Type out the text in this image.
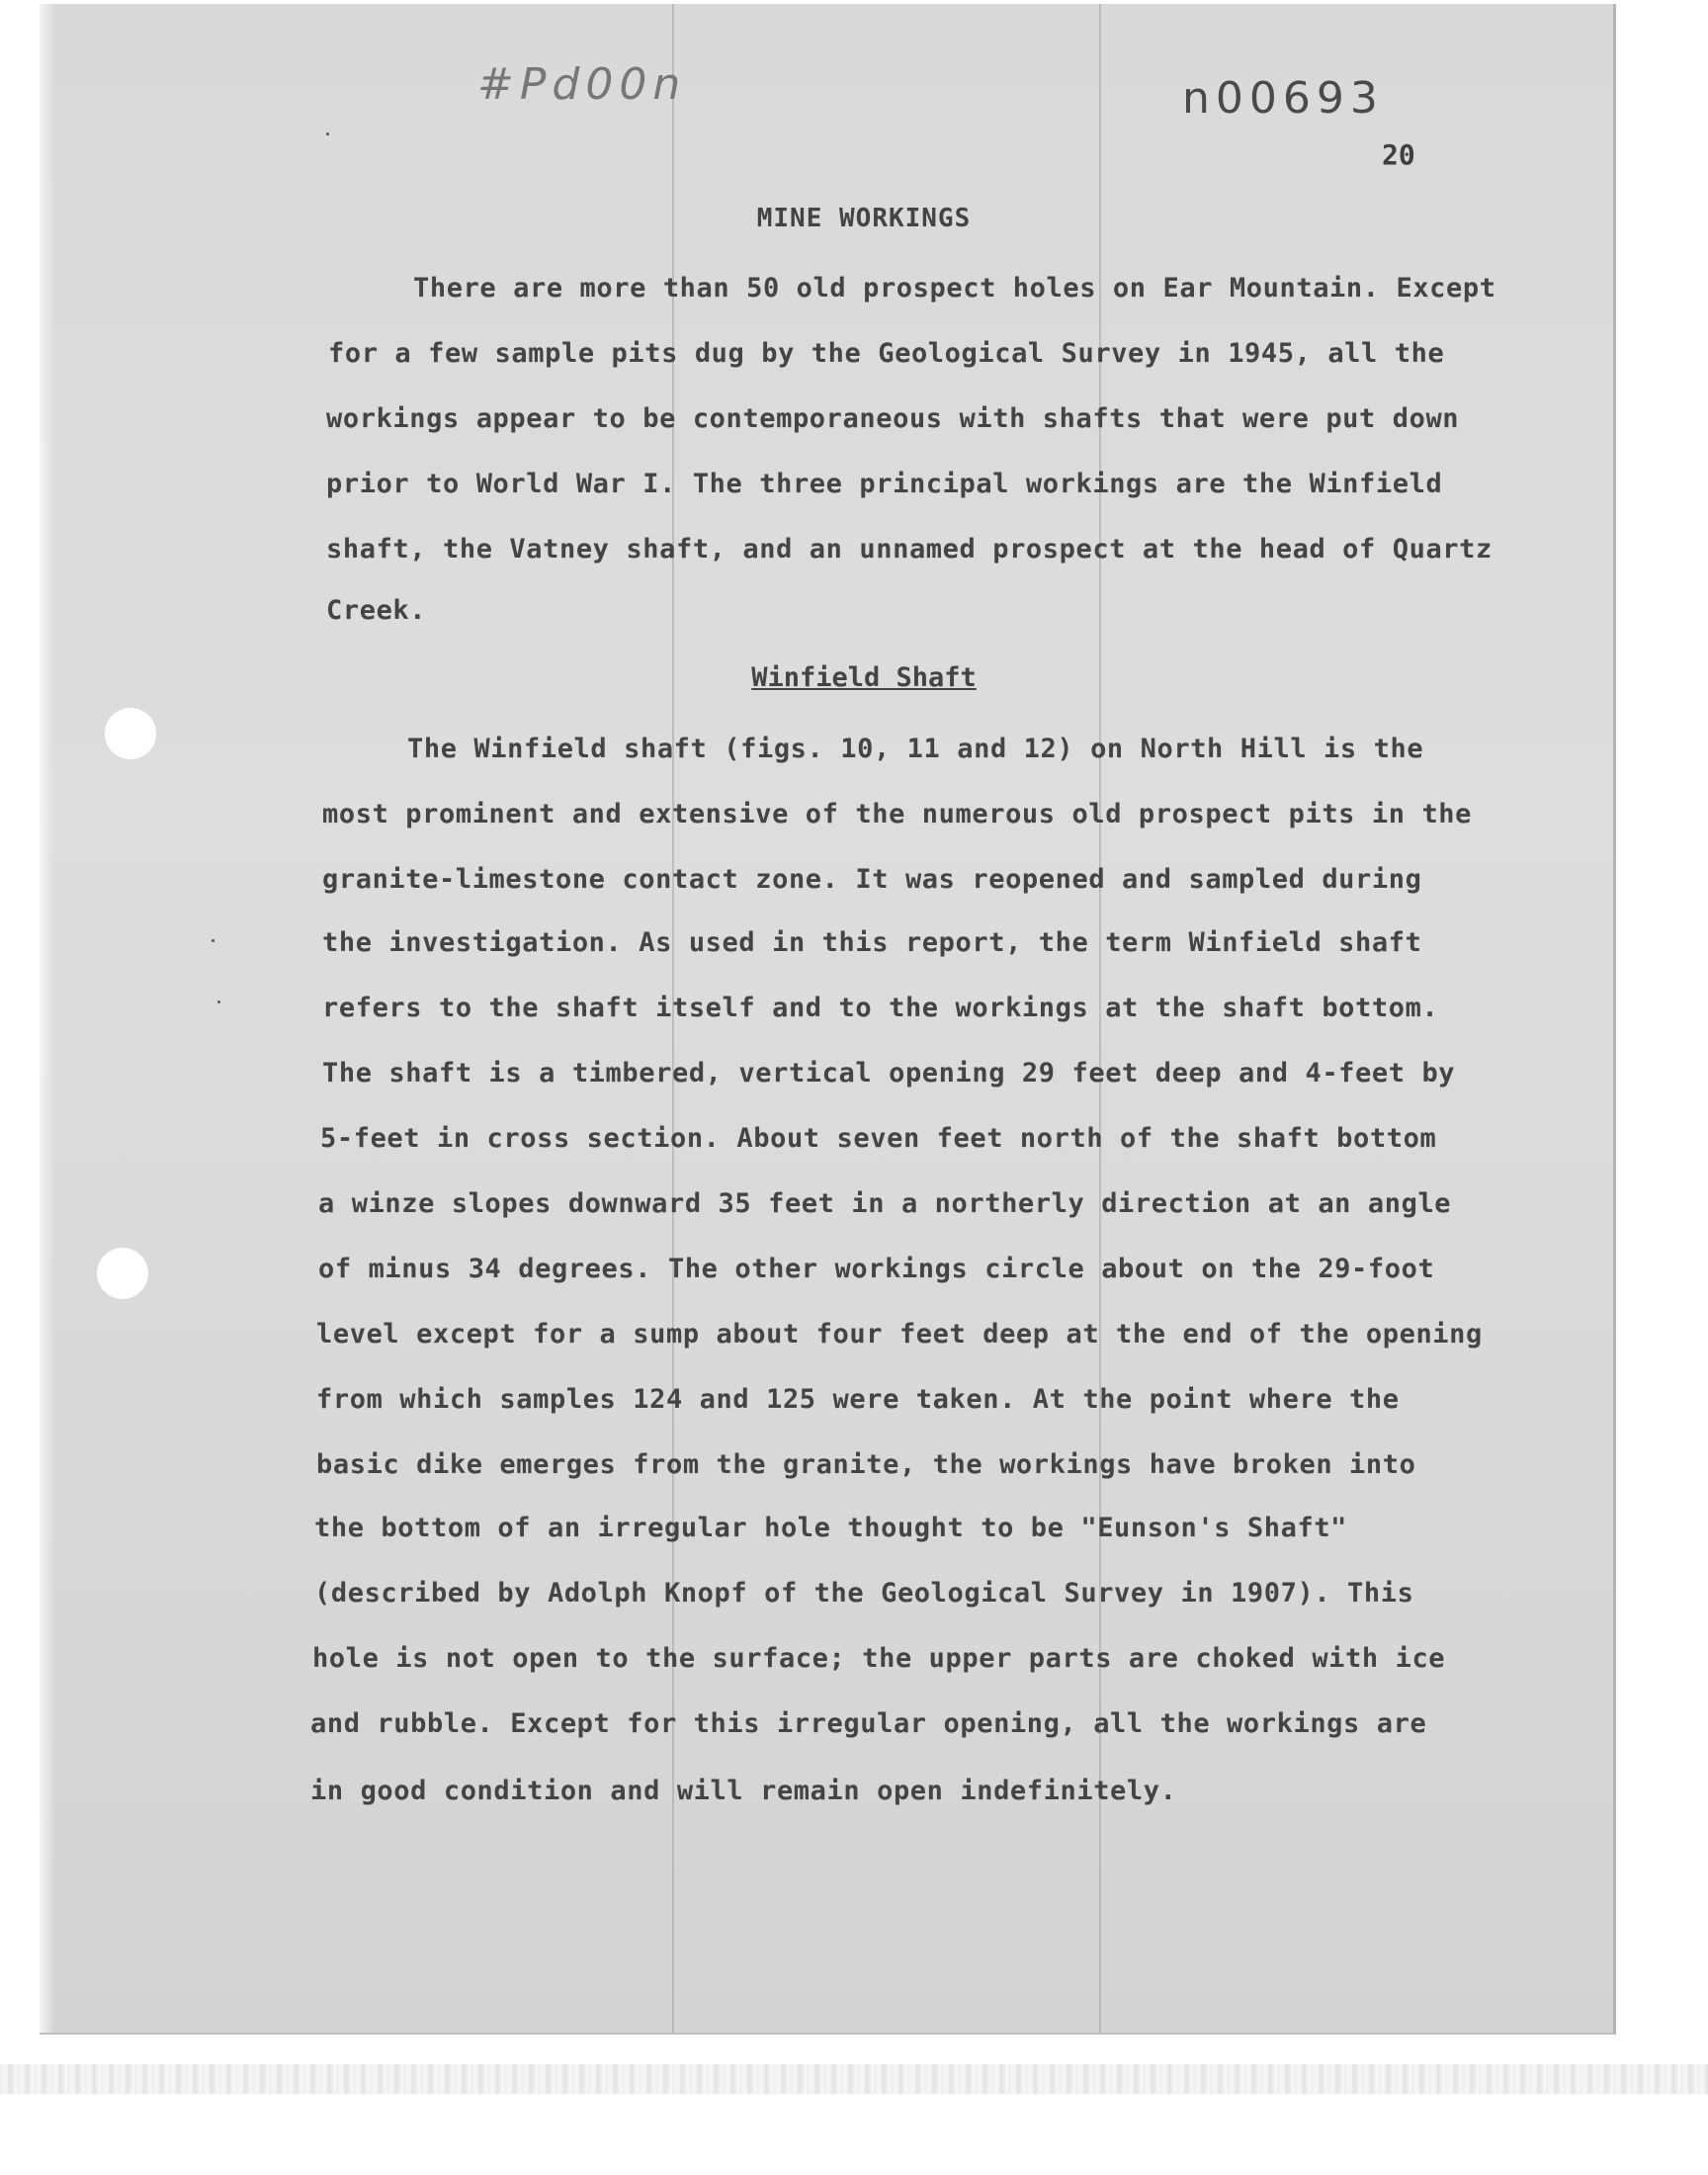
#Pd00n	n00693
20
MINE WORKINGS
There are more than 50 old prospect holes on Ear Mountain. Except
for a few sample pits dug by the Geological Survey in 1945, all the
workings appear to be contemporaneous with shafts that were put down
prior to World War I. The three principal workings are the Winfield
shaft, the Vatney shaft, and an unnamed prospect at the head of Quartz
Creek.
Winfield Shaft
The Winfield shaft (figs. 10, 11 and 12) on North Hill is the
most prominent and extensive of the numerous old prospect pits in the
granite-limestone contact zone. It was reopened and sampled during
the investigation. As used in this report, the term Winfield shaft
refers to the shaft itself and to the workings at the shaft bottom.
The shaft is a timbered, vertical opening 29 feet deep and 4-feet by
5-feet in cross section. About seven feet north of the shaft bottom
a winze slopes downward 35 feet in a northerly direction at an angle
of minus 34 degrees. The other workings circle about on the 29-foot
level except for a sump about four feet deep at the end of the opening
from which samples 124 and 125 were taken. At the point where the
basic dike emerges from the granite, the workings have broken into
the bottom of an irregular hole thought to be "Eunson's Shaft"
(described by Adolph Knopf of the Geological Survey in 1907). This
hole is not open to the surface; the upper parts are choked with ice
and rubble. Except for this irregular opening, all the workings are
in good condition and will remain open indefinitely.
